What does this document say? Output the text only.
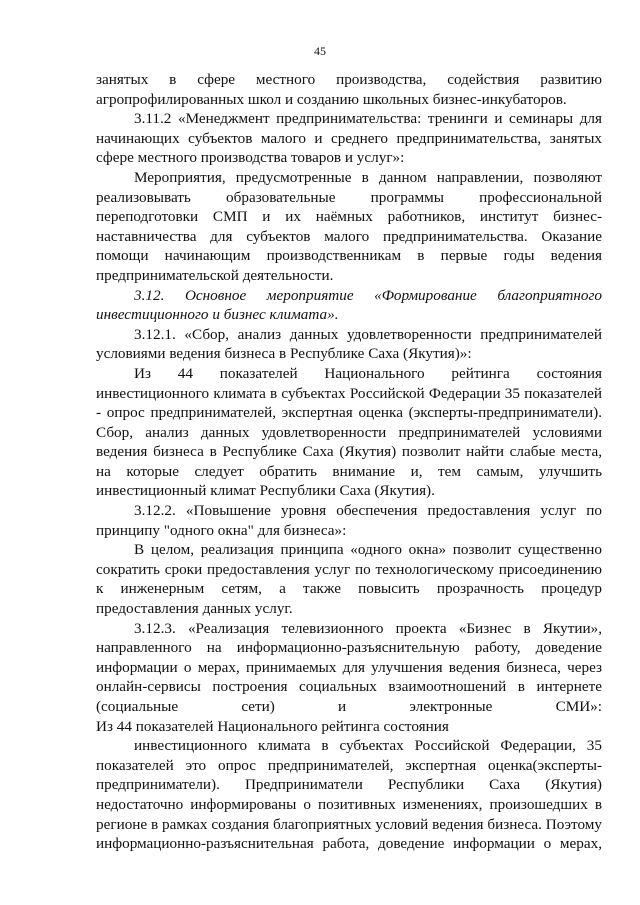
45
занятых в сфере местного производства, содействия развитию
агропрофилированных школ и созданию школьных бизнес-инкубаторов.
3.11.2 «Менеджмент предпринимательства: тренинги и семинары для
начинающих субъектов малого и среднего предпринимательства, занятых
сфере местного производства товаров и услуг»:
Мероприятия, предусмотренные в данном направлении, позволяют
реализовывать образовательные программы профессиональной
переподготовки СМП и их наёмных работников, институт бизнес-
наставничества для субъектов малого предпринимательства. Оказание
помощи начинающим производственникам в первые годы ведения
предпринимательской деятельности.
3.12. Основное мероприятие «Формирование благоприятного
инвестиционного и бизнес климата».
3.12.1. «Сбор, анализ данных удовлетворенности предпринимателей
условиями ведения бизнеса в Республике Саха (Якутия)»:
Из 44 показателей Национального рейтинга состояния
инвестиционного климата в субъектах Российской Федерации 35 показателей
- опрос предпринимателей, экспертная оценка (эксперты-предприниматели).
Сбор, анализ данных удовлетворенности предпринимателей условиями
ведения бизнеса в Республике Саха (Якутия) позволит найти слабые места,
на которые следует обратить внимание и, тем самым, улучшить
инвестиционный климат Республики Саха (Якутия).
3.12.2. «Повышение уровня обеспечения предоставления услуг по
принципу "одного окна" для бизнеса»:
В целом, реализация принципа «одного окна» позволит существенно
сократить сроки предоставления услуг по технологическому присоединению
к инженерным сетям, а также повысить прозрачность процедур
предоставления данных услуг.
3.12.3. «Реализация телевизионного проекта «Бизнес в Якутии»,
направленного на информационно-разъяснительную работу, доведение
информации о мерах, принимаемых для улучшения ведения бизнеса, через
онлайн-сервисы построения социальных взаимоотношений в интернете
(социальные сети) и электронные СМИ»:
Из 44 показателей Национального рейтинга состояния
инвестиционного климата в субъектах Российской Федерации, 35
показателей это опрос предпринимателей, экспертная оценка(эксперты-
предприниматели). Предприниматели Республики Саха (Якутия)
недостаточно информированы о позитивных изменениях, произошедших в
регионе в рамках создания благоприятных условий ведения бизнеса. Поэтому
информационно-разъяснительная работа, доведение информации о мерах,
